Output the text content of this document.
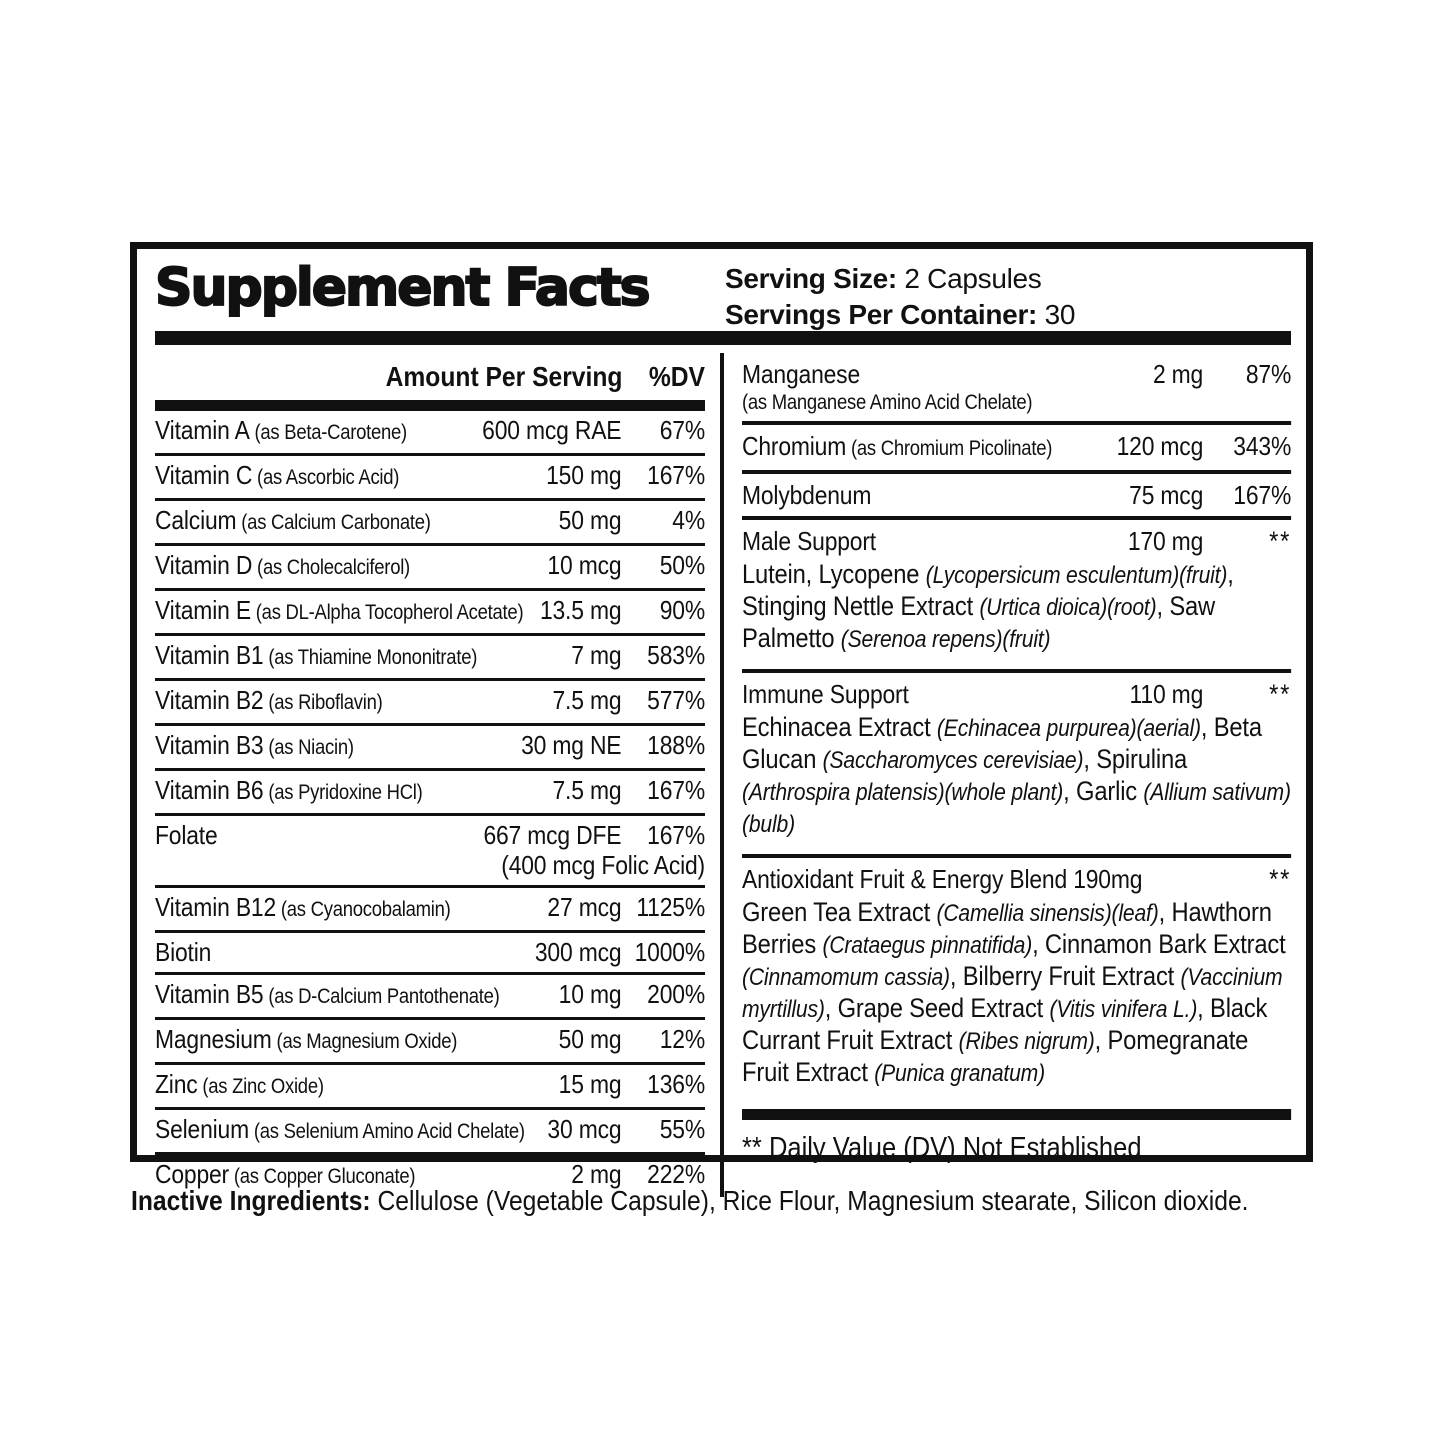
Supplement Facts	Serving Size: 2 Capsules
Servings Per Container: 30
Amount Per Serving %DV
Vitamin A (as Beta-Carotene)	600 mcg RAE	67%
Vitamin C (as Ascorbic Acid)	150 mg 167%
Calcium (as Calcium Carbonate)	50 mg	4%
Vitamin D (as Cholecalciferol)	10 mcg	50%
Vitamin E (as DL-Alpha Tocopherol Acetate) 13.5 mg	90%
Vitamin B1 (as Thiamine Mononitrate)	7 mg 583%
Vitamin B2 (as Riboflavin)	7.5 mg 577%
Vitamin B3 (as Niacin)	30 mg NE 188%
Vitamin B6 (as Pyridoxine HCl)	7.5 mg 167%
Folate	667 mcg DFE 167%
(400 mcg Folic Acid)
Vitamin B12 (as Cyanocobalamin)	27 mcg 1125%
Biotin	300 mcg 1000%
Vitamin B5 (as D-Calcium Pantothenate) 10 mg 200%
Magnesium (as Magnesium Oxide)	50 mg	12%
Zinc (as Zinc Oxide)	15 mg 136%
Selenium (as Selenium Amino Acid Chelate) 30 mcg	55%
Copper (as Copper Gluconate)	2 mg 222%
Manganese	2 mg	87%
(as Manganese Amino Acid Chelate)
Chromium (as Chromium Picolinate) 120 mcg	343%
Molybdenum	75 mcg	167%
Male Support	170 mg	**
Lutein, Lycopene (Lycopersicum esculentum)(fruit), Stinging Nettle Extract (Urtica dioica)(root), Saw Palmetto (Serenoa repens)(fruit)
Immune Support	110 mg	**
Echinacea Extract (Echinacea purpurea)(aerial), Beta Glucan (Saccharomyces cerevisiae), Spirulina (Arthrospira platensis)(whole plant), Garlic (Allium sativum)(bulb)
Antioxidant Fruit & Energy Blend 190mg	**
Green Tea Extract (Camellia sinensis)(leaf), Hawthorn Berries (Crataegus pinnatifida), Cinnamon Bark Extract (Cinnamomum cassia), Bilberry Fruit Extract (Vaccinium myrtillus), Grape Seed Extract (Vitis vinifera L.), Black Currant Fruit Extract (Ribes nigrum), Pomegranate Fruit Extract (Punica granatum)
** Daily Value (DV) Not Established
Inactive Ingredients: Cellulose (Vegetable Capsule), Rice Flour, Magnesium stearate, Silicon dioxide.
